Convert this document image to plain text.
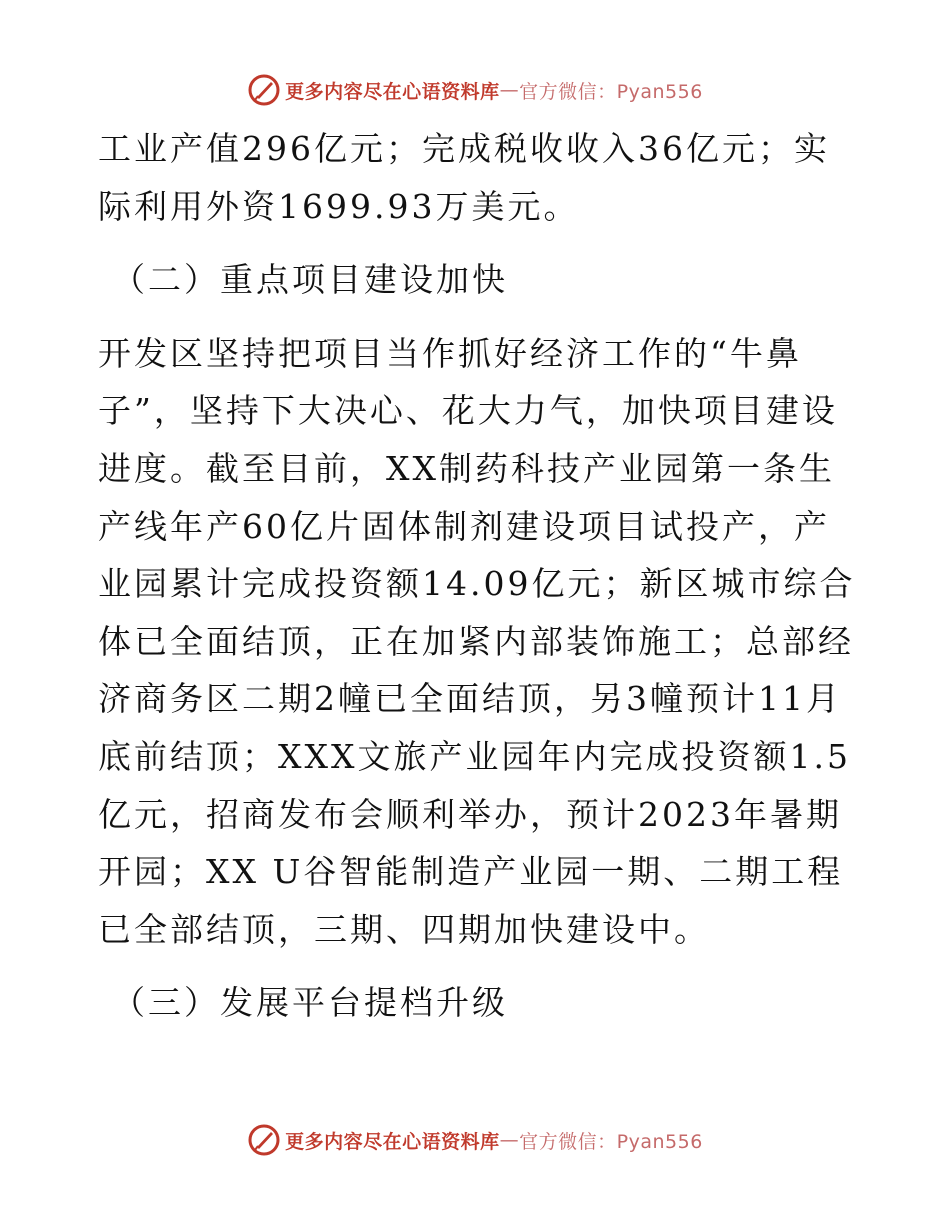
更多内容尽在心语资料库 — 官方微信：Pyan556

工业产值296亿元；完成税收收入36亿元；实际利用外资1699.93万美元。

（二）重点项目建设加快

开发区坚持把项目当作抓好经济工作的“牛鼻子”，坚持下大决心、花大力气，加快项目建设进度。截至目前，XX制药科技产业园第一条生产线年产60亿片固体制剂建设项目试投产，产业园累计完成投资额14.09亿元；新区城市综合体已全面结顶，正在加紧内部装饰施工；总部经济商务区二期2幢已全面结顶，另3幢预计11月底前结顶；XXX文旅产业园年内完成投资额1.5亿元，招商发布会顺利举办，预计2023年暑期开园；XX U谷智能制造产业园一期、二期工程已全部结顶，三期、四期加快建设中。

（三）发展平台提档升级

更多内容尽在心语资料库 — 官方微信：Pyan556
